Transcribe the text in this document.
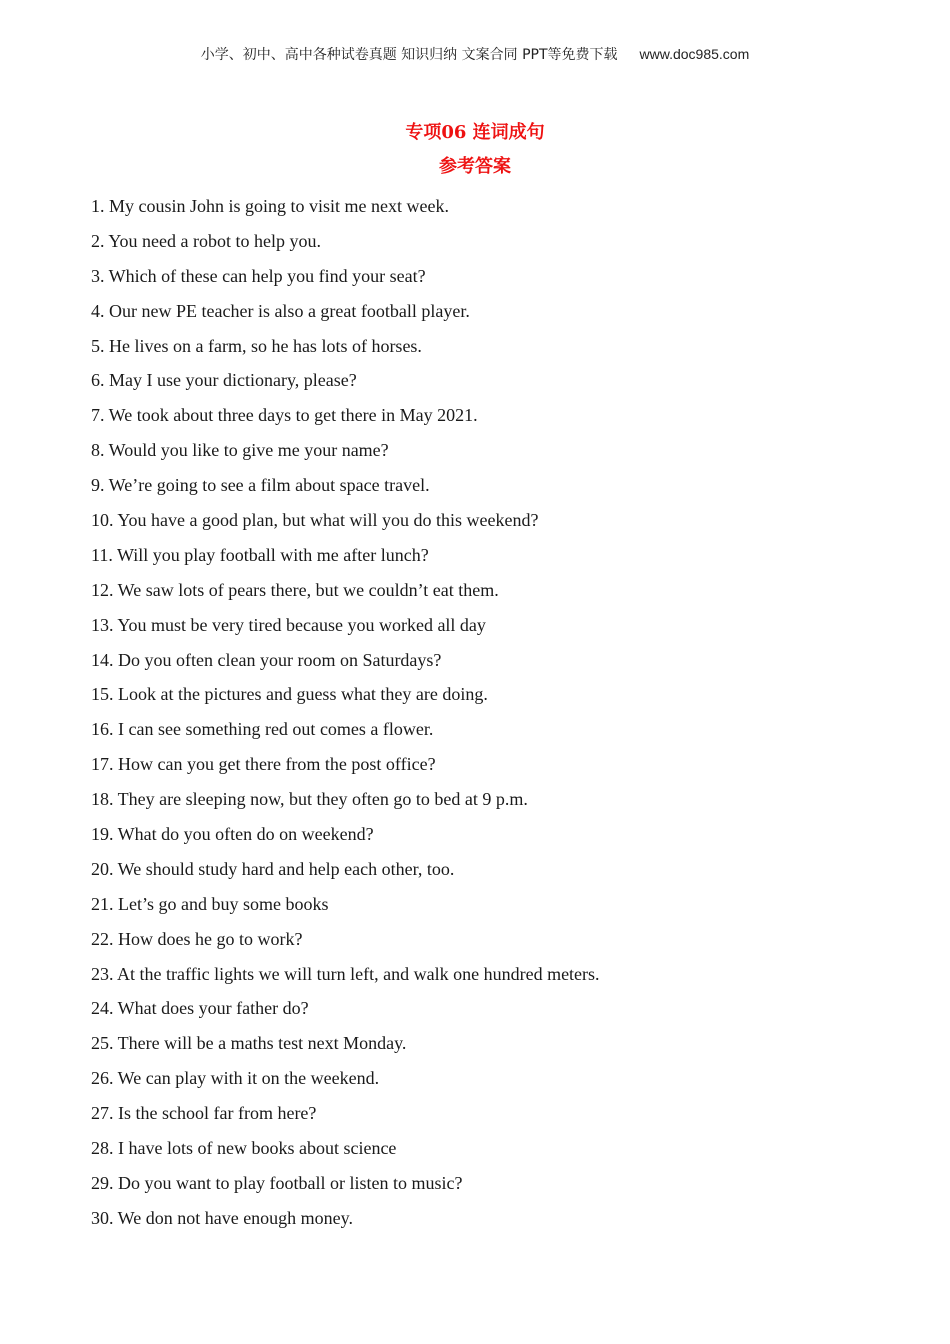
小学、初中、高中各种试卷真题 知识归纳 文案合同 PPT等免费下载 www.doc985.com
专项06 连词成句
参考答案
1. My cousin John is going to visit me next week.
2. You need a robot to help you.
3. Which of these can help you find your seat?
4. Our new PE teacher is also a great football player.
5. He lives on a farm, so he has lots of horses.
6. May I use your dictionary, please?
7. We took about three days to get there in May 2021.
8. Would you like to give me your name?
9. We’re going to see a film about space travel.
10. You have a good plan, but what will you do this weekend?
11. Will you play football with me after lunch?
12. We saw lots of pears there, but we couldn’t eat them.
13. You must be very tired because you worked all day
14. Do you often clean your room on Saturdays?
15. Look at the pictures and guess what they are doing.
16. I can see something red out comes a flower.
17. How can you get there from the post office?
18. They are sleeping now, but they often go to bed at 9 p.m.
19. What do you often do on weekend?
20. We should study hard and help each other, too.
21. Let’s go and buy some books
22. How does he go to work?
23. At the traffic lights we will turn left, and walk one hundred meters.
24. What does your father do?
25. There will be a maths test next Monday.
26. We can play with it on the weekend.
27. Is the school far from here?
28. I have lots of new books about science
29. Do you want to play football or listen to music?
30. We don not have enough money.
